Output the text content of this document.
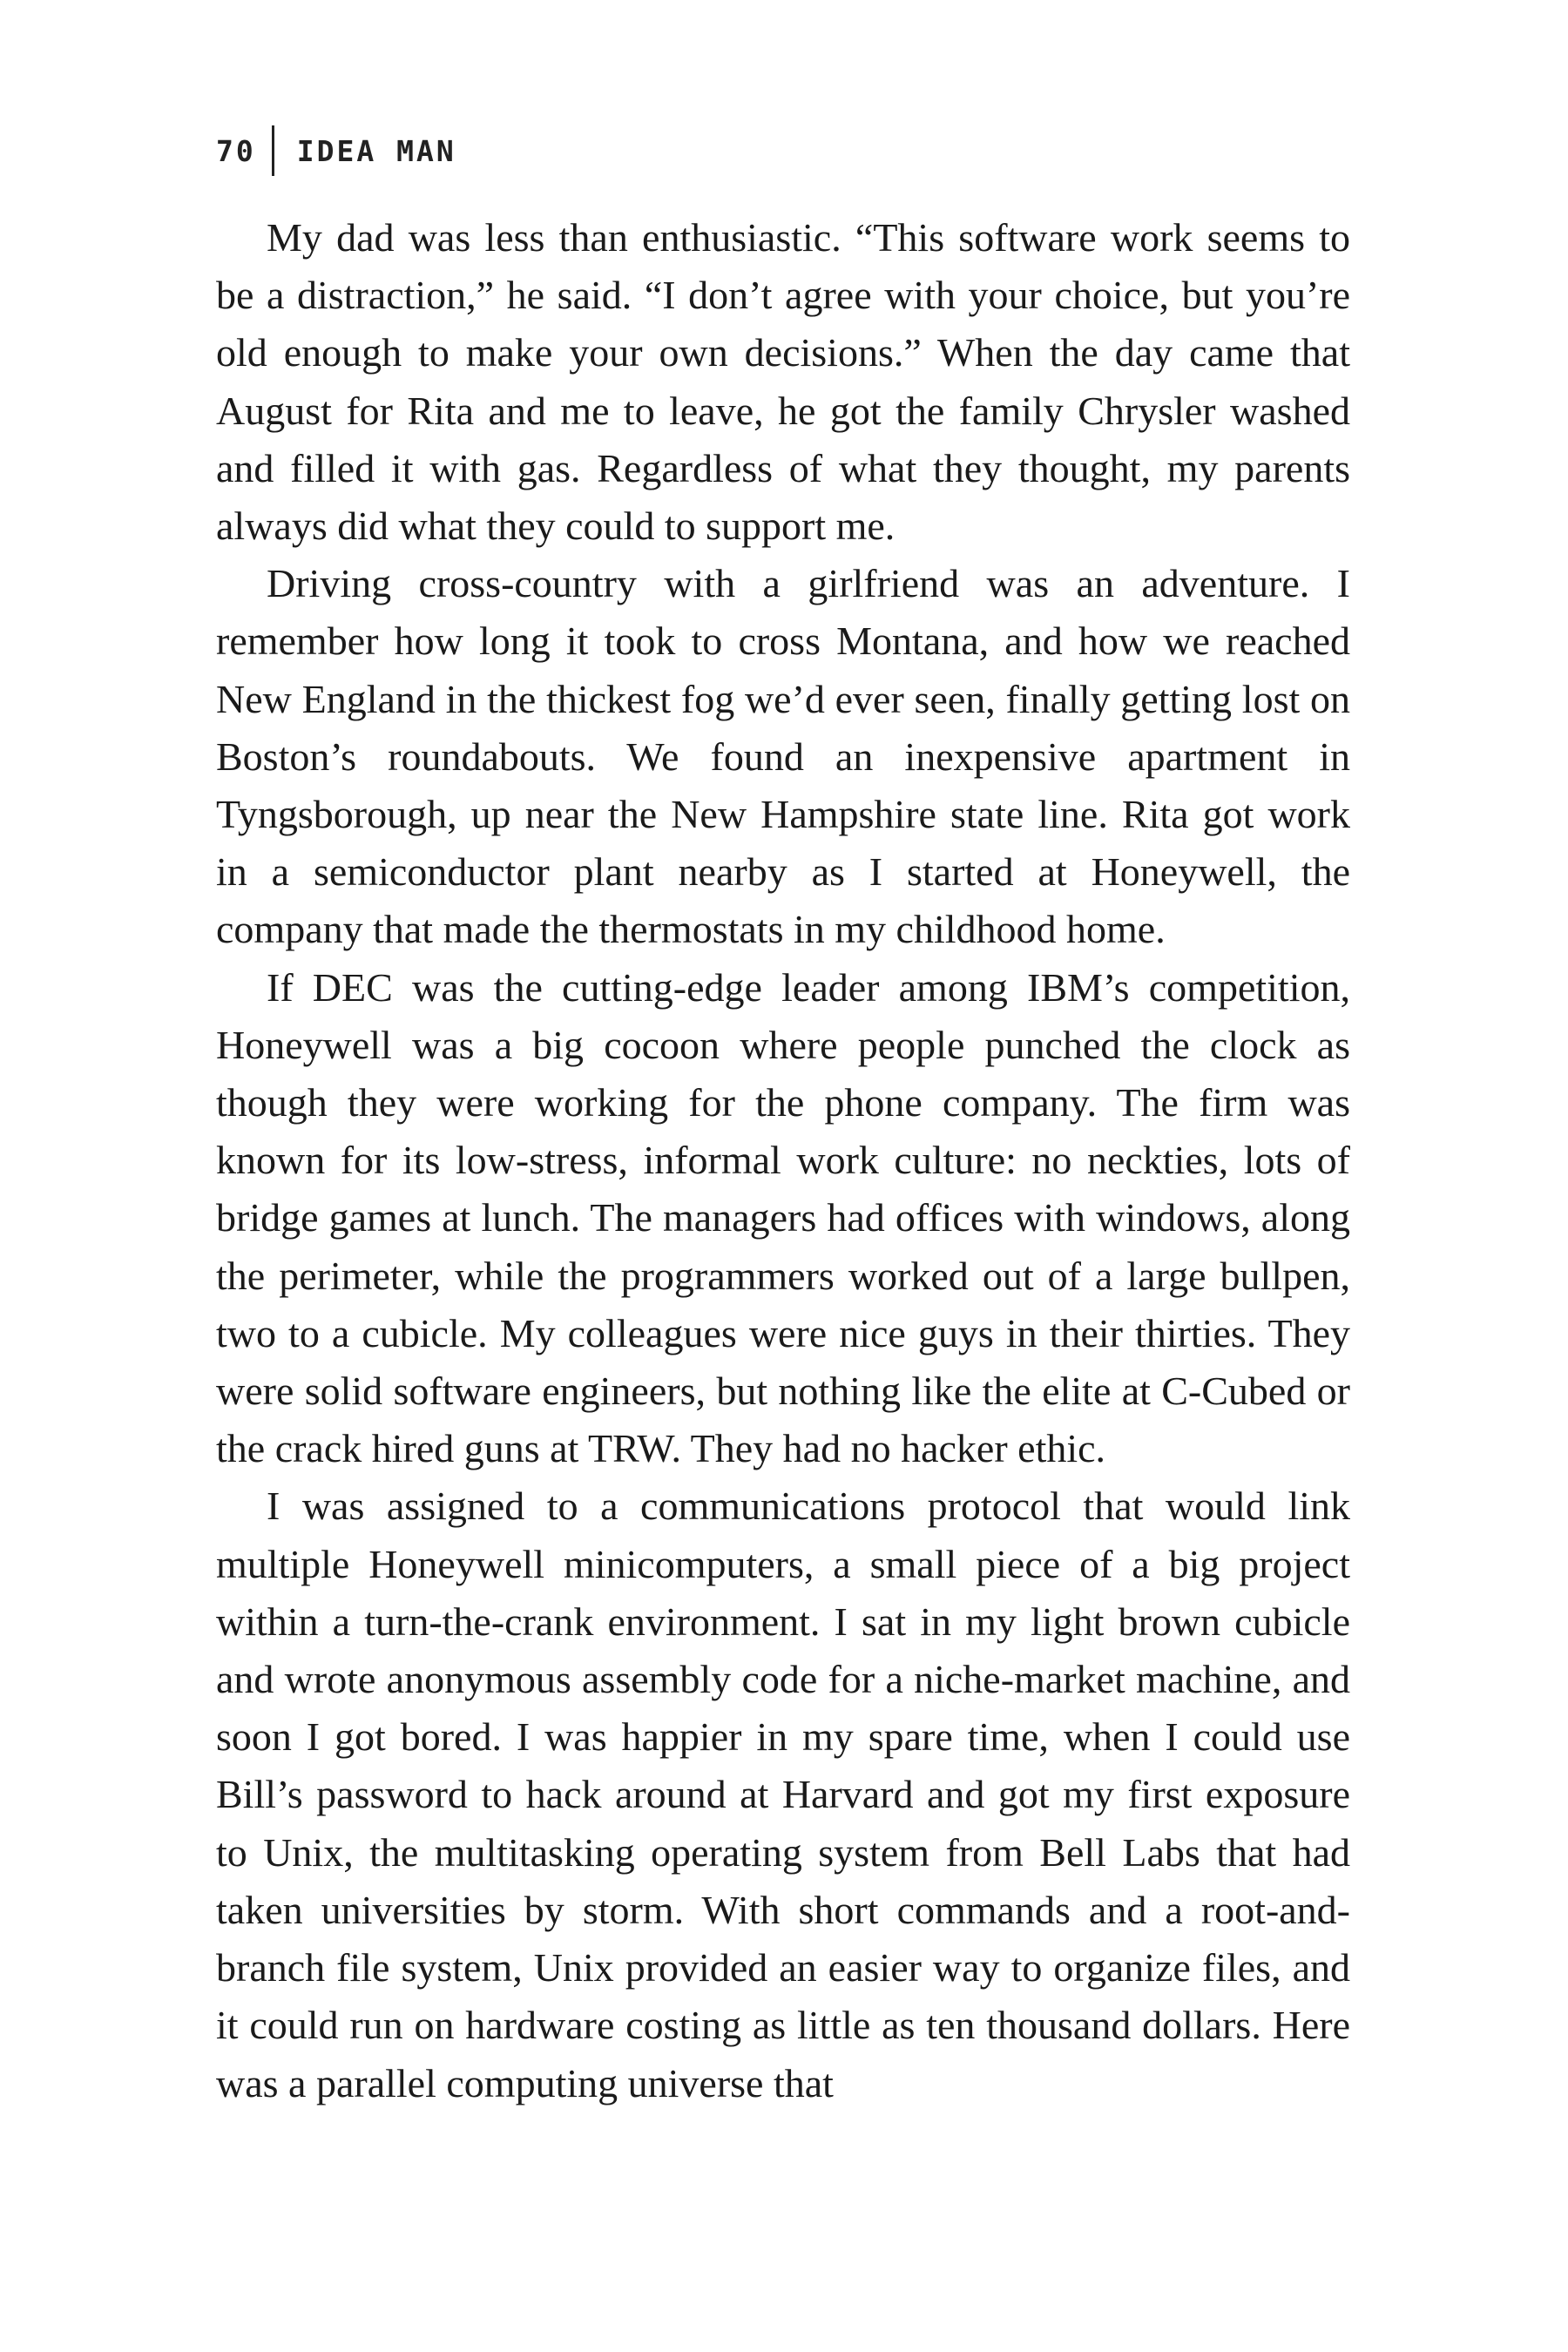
70	IDEA MAN

My dad was less than enthusiastic. “This software work seems to be a distraction,” he said. “I don’t agree with your choice, but you’re old enough to make your own decisions.” When the day came that August for Rita and me to leave, he got the family Chrysler washed and filled it with gas. Regardless of what they thought, my parents always did what they could to support me.

Driving cross-country with a girlfriend was an adventure. I remember how long it took to cross Montana, and how we reached New England in the thickest fog we’d ever seen, finally getting lost on Boston’s roundabouts. We found an inexpensive apartment in Tyngsborough, up near the New Hampshire state line. Rita got work in a semiconductor plant nearby as I started at Honeywell, the company that made the thermostats in my childhood home.

If DEC was the cutting-edge leader among IBM’s competition, Honeywell was a big cocoon where people punched the clock as though they were working for the phone company. The firm was known for its low-stress, informal work culture: no neckties, lots of bridge games at lunch. The managers had offices with windows, along the perimeter, while the programmers worked out of a large bullpen, two to a cubicle. My colleagues were nice guys in their thirties. They were solid software engineers, but nothing like the elite at C-Cubed or the crack hired guns at TRW. They had no hacker ethic.

I was assigned to a communications protocol that would link multiple Honeywell minicomputers, a small piece of a big project within a turn-the-crank environment. I sat in my light brown cubicle and wrote anonymous assembly code for a niche-market machine, and soon I got bored. I was happier in my spare time, when I could use Bill’s password to hack around at Harvard and got my first exposure to Unix, the multitasking operating system from Bell Labs that had taken universities by storm. With short commands and a root-and-branch file system, Unix provided an easier way to organize files, and it could run on hardware costing as little as ten thousand dollars. Here was a parallel computing universe that
